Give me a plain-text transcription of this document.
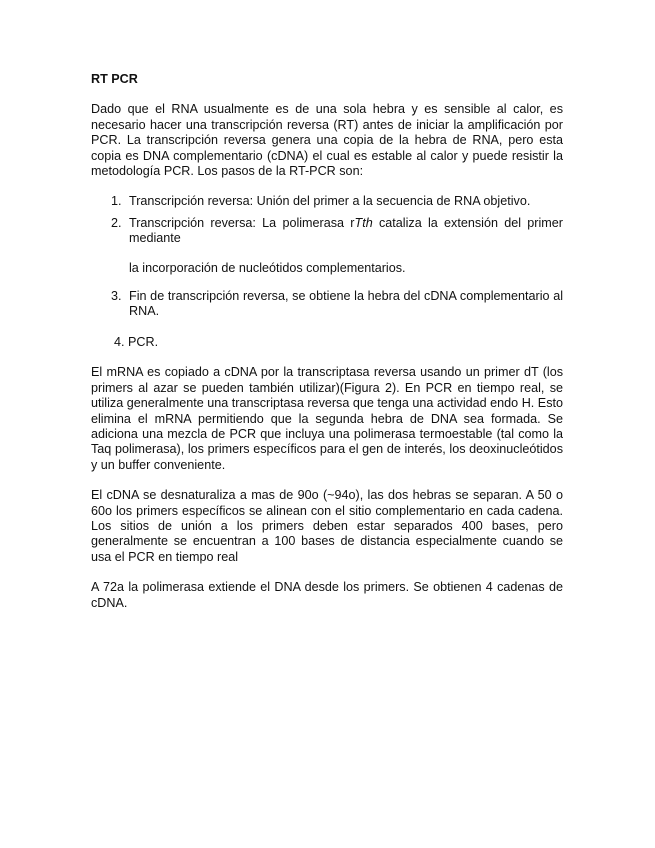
RT PCR

Dado que el RNA usualmente es de una sola hebra y es sensible al calor, es necesario hacer una transcripción reversa (RT) antes de iniciar la amplificación por PCR. La transcripción reversa genera una copia de la hebra de RNA, pero esta copia es DNA complementario (cDNA) el cual es estable al calor y puede resistir la metodología PCR. Los pasos de la RT-PCR son:

1. Transcripción reversa: Unión del primer a la secuencia de RNA objetivo.
2. Transcripción reversa: La polimerasa rTth cataliza la extensión del primer mediante
la incorporación de nucleótidos complementarios.
3. Fin de transcripción reversa, se obtiene la hebra del cDNA complementario al RNA.
4. PCR.

El mRNA es copiado a cDNA por la transcriptasa reversa usando un primer dT (los primers al azar se pueden también utilizar)(Figura 2). En PCR en tiempo real, se utiliza generalmente una transcriptasa reversa que tenga una actividad endo H. Esto elimina el mRNA permitiendo que la segunda hebra de DNA sea formada. Se adiciona una mezcla de PCR que incluya una polimerasa termoestable (tal como la Taq polimerasa), los primers específicos para el gen de interés, los deoxinucleótidos y un buffer conveniente.

El cDNA se desnaturaliza a mas de 90o (~94o), las dos hebras se separan. A 50 o 60o los primers específicos se alinean con el sitio complementario en cada cadena. Los sitios de unión a los primers deben estar separados 400 bases, pero generalmente se encuentran a 100 bases de distancia especialmente cuando se usa el PCR en tiempo real

A 72a la polimerasa extiende el DNA desde los primers. Se obtienen 4 cadenas de cDNA.
